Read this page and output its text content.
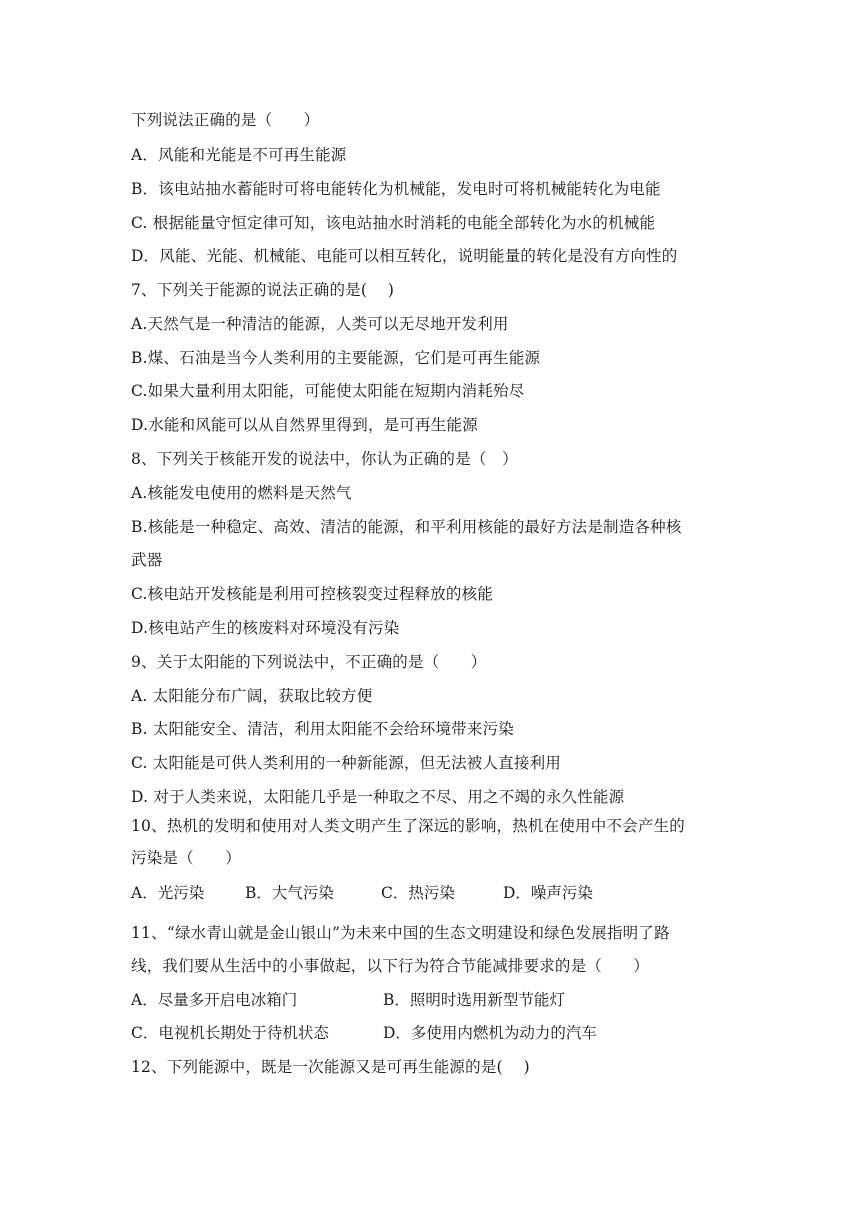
下列说法正确的是（　　）
A．风能和光能是不可再生能源
B．该电站抽水蓄能时可将电能转化为机械能，发电时可将机械能转化为电能
C. 根据能量守恒定律可知，该电站抽水时消耗的电能全部转化为水的机械能
D．风能、光能、机械能、电能可以相互转化，说明能量的转化是没有方向性的
7、下列关于能源的说法正确的是(　 )
A.天然气是一种清洁的能源，人类可以无尽地开发利用
B.煤、石油是当今人类利用的主要能源，它们是可再生能源
C.如果大量利用太阳能，可能使太阳能在短期内消耗殆尽
D.水能和风能可以从自然界里得到，是可再生能源
8、下列关于核能开发的说法中，你认为正确的是（　）
A.核能发电使用的燃料是天然气
B.核能是一种稳定、高效、清洁的能源，和平利用核能的最好方法是制造各种核
武器
C.核电站开发核能是利用可控核裂变过程释放的核能
D.核电站产生的核废料对环境没有污染
9、关于太阳能的下列说法中，不正确的是（　　）
A. 太阳能分布广阔，获取比较方便
B. 太阳能安全、清洁，利用太阳能不会给环境带来污染
C. 太阳能是可供人类利用的一种新能源，但无法被人直接利用
D. 对于人类来说，太阳能几乎是一种取之不尽、用之不竭的永久性能源
10、热机的发明和使用对人类文明产生了深远的影响，热机在使用中不会产生的
污染是（　　）
A．光污染	B．大气污染	C．热污染	D．噪声污染
11、“绿水青山就是金山银山”为未来中国的生态文明建设和绿色发展指明了路
线，我们要从生活中的小事做起，以下行为符合节能减排要求的是（　　）
A．尽量多开启电冰箱门	B．照明时选用新型节能灯
C．电视机长期处于待机状态	D．多使用内燃机为动力的汽车
12、下列能源中，既是一次能源又是可再生能源的是(　 )
